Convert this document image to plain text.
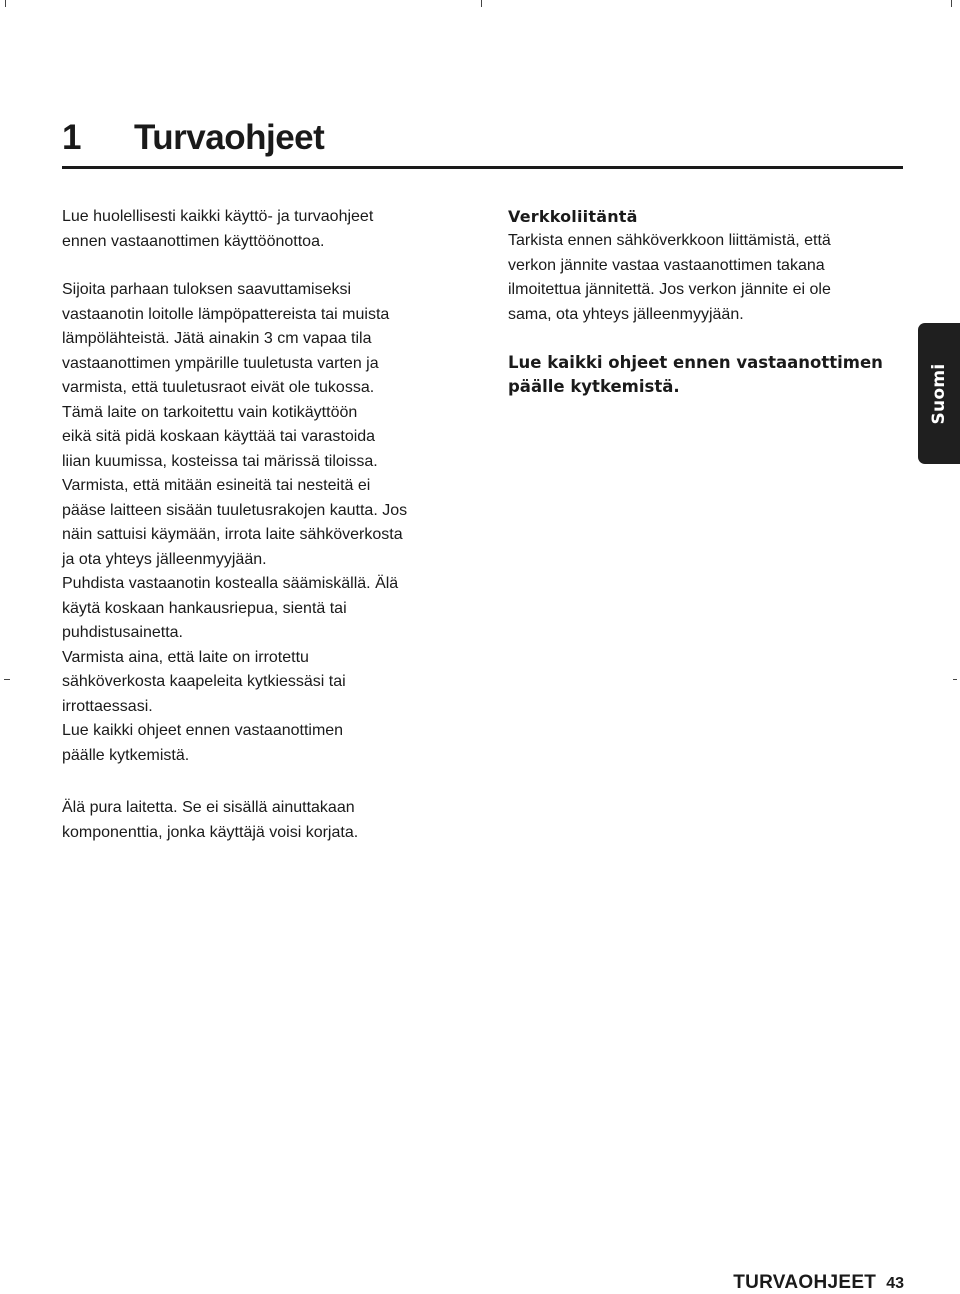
1 Turvaohjeet

Lue huolellisesti kaikki käyttö- ja turvaohjeet

ennen vastaanottimen käyttöönottoa.

Sijoita parhaan tuloksen saavuttamiseksi

vastaanotin loitolle lämpöpattereista tai muista

lämpölähteistä. Jätä ainakin 3 cm vapaa tila

vastaanottimen ympärille tuuletusta varten ja

varmista, että tuuletusraot eivät ole tukossa.

Tämä laite on tarkoitettu vain kotikäyttöön

eikä sitä pidä koskaan käyttää tai varastoida

liian kuumissa, kosteissa tai märissä tiloissa.

Varmista, että mitään esineitä tai nesteitä ei

pääse laitteen sisään tuuletusrakojen kautta. Jos

näin sattuisi käymään, irrota laite sähköverkosta

ja ota yhteys jälleenmyyjään.

Puhdista vastaanotin kostealla säämiskällä. Älä

käytä koskaan hankausriepua, sientä tai

puhdistusainetta.

Varmista aina, että laite on irrotettu

sähköverkosta kaapeleita kytkiessäsi tai

irrottaessasi.

Lue kaikki ohjeet ennen vastaanottimen

päälle kytkemistä.

Älä pura laitetta. Se ei sisällä ainuttakaan

komponenttia, jonka käyttäjä voisi korjata.

Verkkoliitäntä

Tarkista ennen sähköverkkoon liittämistä, että

verkon jännite vastaa vastaanottimen takana

ilmoitettua jännitettä. Jos verkon jännite ei ole

sama, ota yhteys jälleenmyyjään.

Lue kaikki ohjeet ennen vastaanottimen

päälle kytkemistä.	Suomi
TURVAOHJEET 43
